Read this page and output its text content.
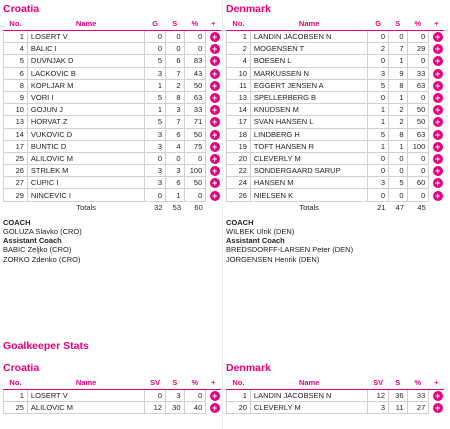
Croatia
No.	Name	G	S	%	+
1	LOSERT V	0	0	0	+
4	BALIC I	0	0	0	+
5	DUVNJAK D	5	6	83	+
6	LACKOVIC B	3	7	43	+
8	KOPLJAR M	1	2	50	+
9	VORI I	5	8	63	+
10	GOJUN J	1	3	33	+
13	HORVAT Z	5	7	71	+
14	VUKOVIC D	3	6	50	+
17	BUNTIC D	3	4	75	+
25	ALILOVIC M	0	0	0	+
26	STRLEK M	3	3	100	+
27	CUPIC I	3	6	50	+
29	NINCEVIC I	0	1	0	+
	Totals	32	53	60	
COACH
GOLUZA Slavko (CRO)
Assistant Coach
BABIC Zeljko (CRO)
ZORKO Zdenko (CRO)
Denmark
No.	Name	G	S	%	+
1	LANDIN JACOBSEN N	0	0	0	+
2	MOGENSEN T	2	7	29	+
4	BOESEN L	0	1	0	+
10	MARKUSSEN N	3	9	33	+
11	EGGERT JENSEN A	5	8	63	+
13	SPELLERBERG B	0	1	0	+
14	KNUDSEN M	1	2	50	+
17	SVAN HANSEN L	1	2	50	+
18	LINDBERG H	5	8	63	+
19	TOFT HANSEN R	1	1	100	+
20	CLEVERLY M	0	0	0	+
22	SONDERGAARD SARUP	0	0	0	+
24	HANSEN M	3	5	60	+
26	NIELSEN K	0	0	0	+
	Totals	21	47	45	
COACH
WILBEK Ulrik (DEN)
Assistant Coach
BREDSDORFF-LARSEN Peter (DEN)
JORGENSEN Henrik (DEN)
Goalkeeper Stats
Croatia
No.	Name	SV	S	%	+
1	LOSERT V	0	3	0	+
25	ALILOVIC M	12	30	40	+
Denmark
No.	Name	SV	S	%	+
1	LANDIN JACOBSEN N	12	36	33	+
20	CLEVERLY M	3	11	27	+
